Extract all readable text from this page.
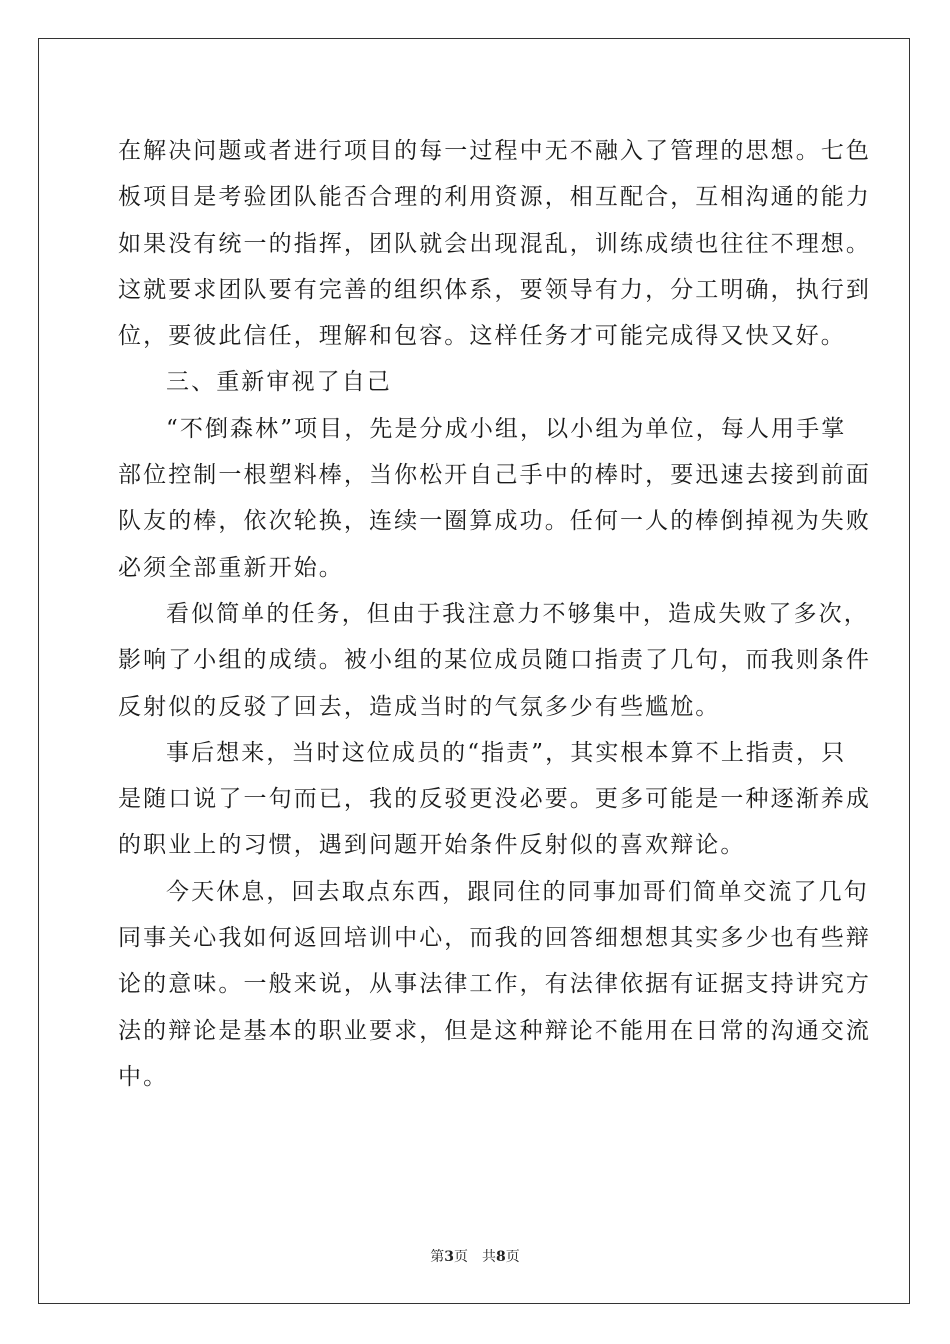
在解决问题或者进行项目的每一过程中无不融入了管理的思想。七色
板项目是考验团队能否合理的利用资源，相互配合，互相沟通的能力
如果没有统一的指挥，团队就会出现混乱，训练成绩也往往不理想。
这就要求团队要有完善的组织体系，要领导有力，分工明确，执行到
位，要彼此信任，理解和包容。这样任务才可能完成得又快又好。
三、重新审视了自己
“不倒森林”项目，先是分成小组，以小组为单位，每人用手掌
部位控制一根塑料棒，当你松开自己手中的棒时，要迅速去接到前面
队友的棒，依次轮换，连续一圈算成功。任何一人的棒倒掉视为失败
必须全部重新开始。
看似简单的任务，但由于我注意力不够集中，造成失败了多次，
影响了小组的成绩。被小组的某位成员随口指责了几句，而我则条件
反射似的反驳了回去，造成当时的气氛多少有些尴尬。
事后想来，当时这位成员的“指责”，其实根本算不上指责，只
是随口说了一句而已，我的反驳更没必要。更多可能是一种逐渐养成
的职业上的习惯，遇到问题开始条件反射似的喜欢辩论。
今天休息，回去取点东西，跟同住的同事加哥们简单交流了几句
同事关心我如何返回培训中心，而我的回答细想想其实多少也有些辩
论的意味。一般来说，从事法律工作，有法律依据有证据支持讲究方
法的辩论是基本的职业要求，但是这种辩论不能用在日常的沟通交流
中。
第3页 共8页
